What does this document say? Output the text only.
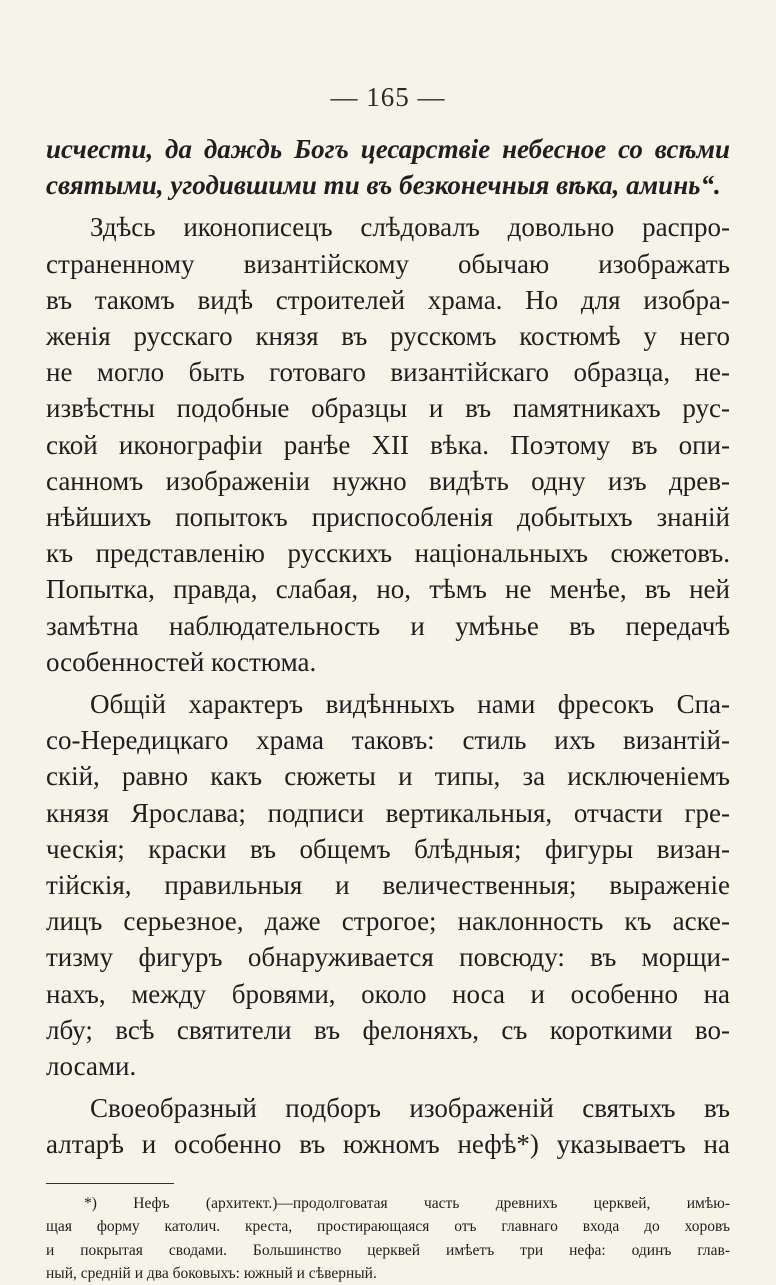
— 165 —
исчести, да даждь Богъ цесарствіе небесное со всѣми
святыми, угодившими ти въ безконечныя вѣка, аминь“.
Здѣсь иконописецъ слѣдовалъ довольно распро-
страненному византійскому обычаю изображать
въ такомъ видѣ строителей храма. Но для изобра-
женія русскаго князя въ русскомъ костюмѣ у него
не могло быть готоваго византійскаго образца, не-
извѣстны подобные образцы и въ памятникахъ рус-
ской иконографіи ранѣе XII вѣка. Поэтому въ опи-
санномъ изображеніи нужно видѣть одну изъ древ-
нѣйшихъ попытокъ приспособленія добытыхъ знаній
къ представленію русскихъ національныхъ сюжетовъ.
Попытка, правда, слабая, но, тѣмъ не менѣе, въ ней
замѣтна наблюдательность и умѣнье въ передачѣ
особенностей костюма.
Общій характеръ видѣнныхъ нами фресокъ Спа-
со-Нередицкаго храма таковъ: стиль ихъ византій-
скій, равно какъ сюжеты и типы, за исключеніемъ
князя Ярослава; подписи вертикальныя, отчасти гре-
ческія; краски въ общемъ блѣдныя; фигуры визан-
тійскія, правильныя и величественныя; выраженіе
лицъ серьезное, даже строгое; наклонность къ аске-
тизму фигуръ обнаруживается повсюду: въ морщи-
нахъ, между бровями, около носа и особенно на
лбу; всѣ святители въ фелоняхъ, съ короткими во-
лосами.
Своеобразный подборъ изображеній святыхъ въ
алтарѣ и особенно въ южномъ нефѣ*) указываетъ на
*) Нефъ (архитект.)—продолговатая часть древнихъ церквей, имѣю-
щая форму католич. креста, простирающаяся отъ главнаго входа до хоровъ
и покрытая сводами. Большинство церквей имѣетъ три нефа: одинъ глав-
ный, средній и два боковыхъ: южный и сѣверный.
